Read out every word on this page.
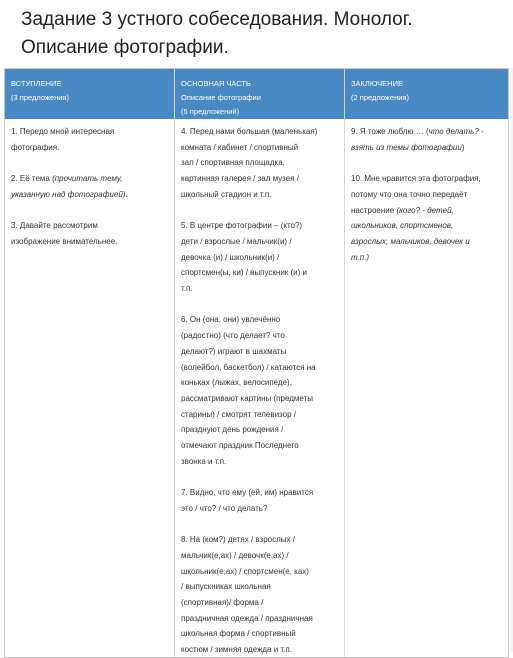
Задание 3 устного собеседования. Монолог. Описание фотографии.
ВСТУПЛЕНИЕ
(3 предложения)

1. Передо мной интересная
фотография.

2. Её тема (прочитать тему,
указанную над фотографией).

3. Давайте рассмотрим
изображение внимательнее.

ОСНОВНАЯ ЧАСТЬ
Описание фотографии
(5 предложений)

4. Перед нами большая (маленькая)
комната / кабинет / спортивный
зал / спортивная площадка,
картинная галерея / зал музея /
школьный стадион и т.п.

5. В центре фотографии – (кто?)
дети / взрослые / мальчик(и) /
девочка (и) / школьник(и) /
спортсмен(ы, ки) / выпускник (и) и
т.п.

6. Он (она, они) увлечённо
(радостно) (что делает? что
делают?) играют в шахматы
(волейбол, баскетбол) / катаются на
коньках (лыжах, велосипеде),
рассматривают картины (предметы
старины) / смотрят телевизор /
празднуют день рождения /
отмечают праздник Последнего
звонка и т.п.

7. Видно, что ему (ей, им) нравится
это / что? / что делать?

8. На (ком?) детях / взрослых /
мальчик(е,ах) / девочк(е,ах) /
школьник(е,ах) / спортсмен(е, ках)
/ выпускниках школьная
(спортивная)/ форма /
праздничная одежда / праздничная
школьная форма / спортивный
костюм / зимняя одежда и т.п.

ЗАКЛЮЧЕНИЕ
(2 предложения)

9. Я тоже люблю … (что делать? -
взять из темы фотографии)

10. Мне нравится эта фотография,
потому что она точно передаёт
настроение (кого? - детей,
школьников, спортсменов,
взрослых, мальчиков, девочек и
т.п.)
